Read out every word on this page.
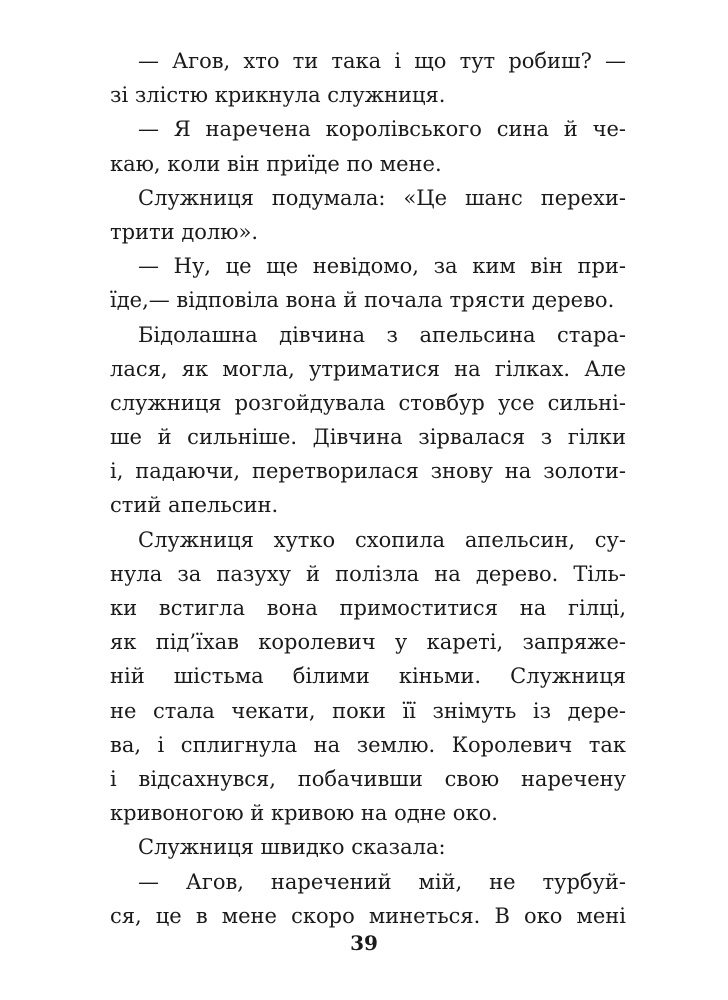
— Агов, хто ти така і що тут робиш? —
зі злістю крикнула служниця.
— Я наречена королівського сина й че-
каю, коли він приїде по мене.
Служниця подумала: «Це шанс перехи-
трити долю».
— Ну, це ще невідомо, за ким він при-
їде,— відповіла вона й почала трясти дерево.
Бідолашна дівчина з апельсина стара-
лася, як могла, утриматися на гілках. Але
служниця розгойдувала стовбур усе сильні-
ше й сильніше. Дівчина зірвалася з гілки
і, падаючи, перетворилася знову на золоти-
стий апельсин.
Служниця хутко схопила апельсин, су-
нула за пазуху й полізла на дерево. Тіль-
ки встигла вона примоститися на гілці,
як під’їхав королевич у кареті, запряже-
ній шістьма білими кіньми. Служниця
не стала чекати, поки її знімуть із дере-
ва, і сплигнула на землю. Королевич так
і відсахнувся, побачивши свою наречену
кривоногою й кривою на одне око.
Служниця швидко сказала:
— Агов, наречений мій, не турбуй-
ся, це в мене скоро минеться. В око мені
39
